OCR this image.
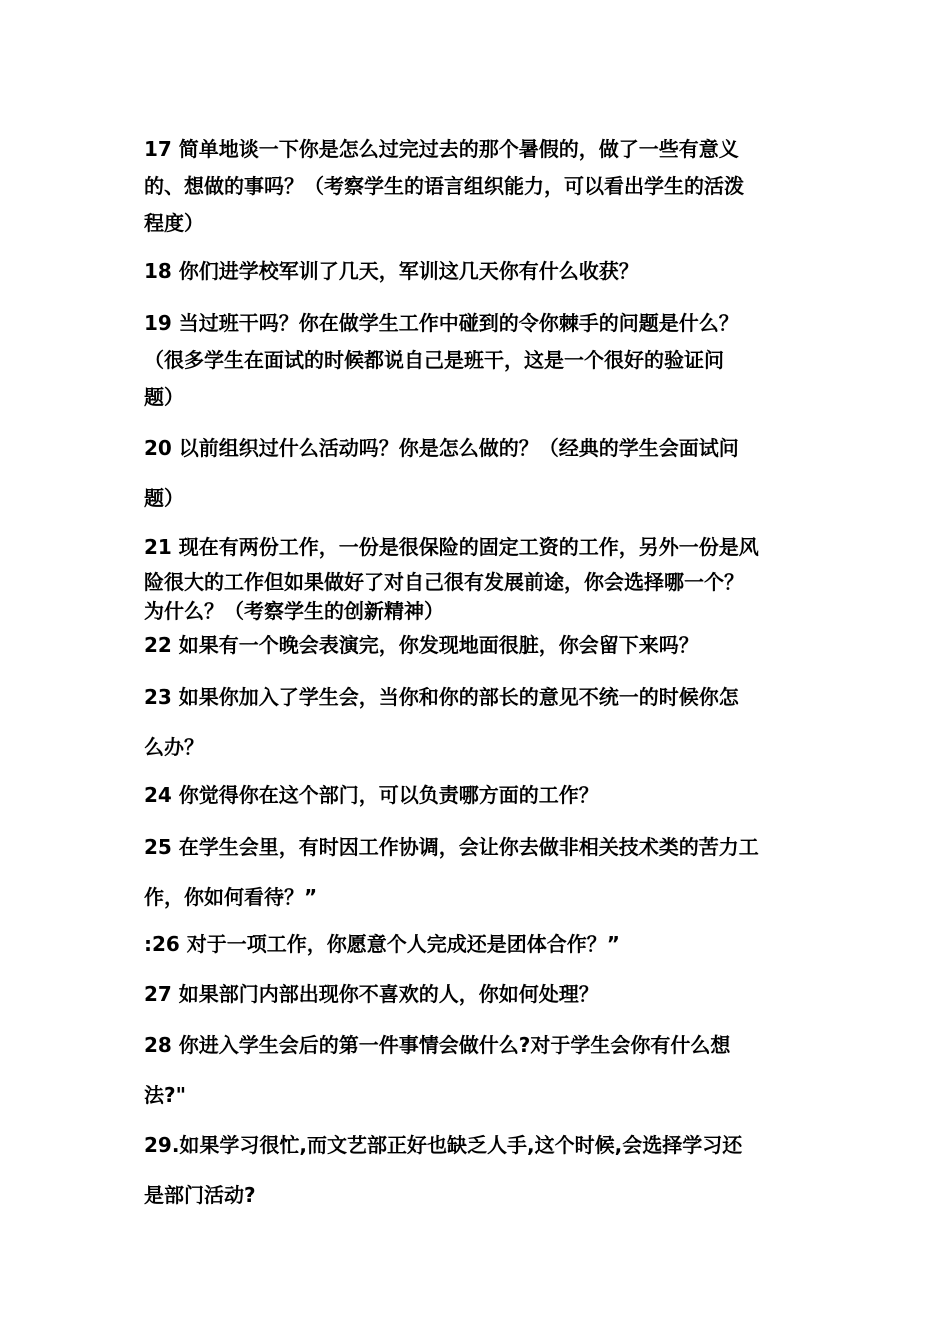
17 简单地谈一下你是怎么过完过去的那个暑假的，做了一些有意义
的、想做的事吗？（考察学生的语言组织能力，可以看出学生的活泼
程度）
18 你们进学校军训了几天，军训这几天你有什么收获？
19 当过班干吗？你在做学生工作中碰到的令你棘手的问题是什么？
（很多学生在面试的时候都说自己是班干，这是一个很好的验证问
题）
20 以前组织过什么活动吗？你是怎么做的？（经典的学生会面试问
题）
21 现在有两份工作，一份是很保险的固定工资的工作，另外一份是风
险很大的工作但如果做好了对自己很有发展前途，你会选择哪一个？
为什么？（考察学生的创新精神）
22 如果有一个晚会表演完，你发现地面很脏，你会留下来吗？
23 如果你加入了学生会，当你和你的部长的意见不统一的时候你怎
么办？
24 你觉得你在这个部门，可以负责哪方面的工作？
25 在学生会里，有时因工作协调，会让你去做非相关技术类的苦力工
作，你如何看待？”
:26 对于一项工作，你愿意个人完成还是团体合作？”
27 如果部门内部出现你不喜欢的人，你如何处理？
28 你进入学生会后的第一件事情会做什么?对于学生会你有什么想
法?"
29.如果学习很忙,而文艺部正好也缺乏人手,这个时候,会选择学习还
是部门活动?
